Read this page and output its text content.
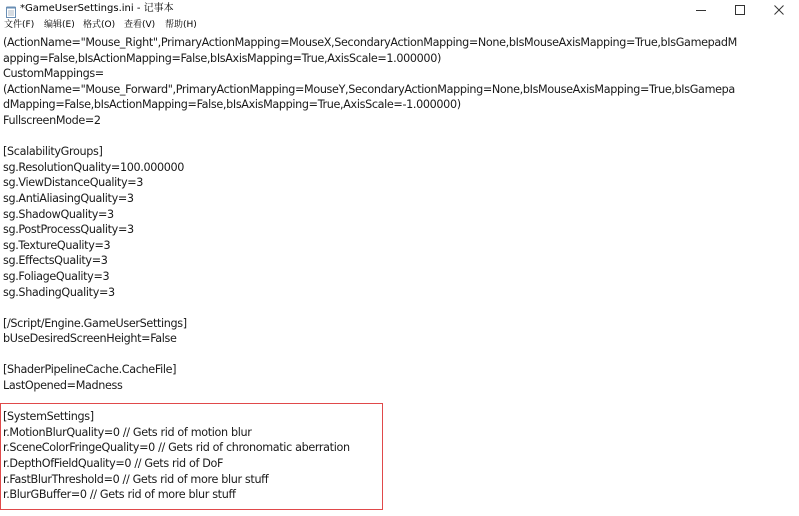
*GameUserSettings.ini - 记事本
文件(F) 编辑(E) 格式(O) 查看(V) 帮助(H)
(ActionName="Mouse_Right",PrimaryActionMapping=MouseX,SecondaryActionMapping=None,bIsMouseAxisMapping=True,bIsGamepadM
apping=False,bIsActionMapping=False,bIsAxisMapping=True,AxisScale=1.000000)
CustomMappings=
(ActionName="Mouse_Forward",PrimaryActionMapping=MouseY,SecondaryActionMapping=None,bIsMouseAxisMapping=True,bIsGamepa
dMapping=False,bIsActionMapping=False,bIsAxisMapping=True,AxisScale=-1.000000)
FullscreenMode=2

[ScalabilityGroups]
sg.ResolutionQuality=100.000000
sg.ViewDistanceQuality=3
sg.AntiAliasingQuality=3
sg.ShadowQuality=3
sg.PostProcessQuality=3
sg.TextureQuality=3
sg.EffectsQuality=3
sg.FoliageQuality=3
sg.ShadingQuality=3

[/Script/Engine.GameUserSettings]
bUseDesiredScreenHeight=False

[ShaderPipelineCache.CacheFile]
LastOpened=Madness

[SystemSettings]
r.MotionBlurQuality=0 // Gets rid of motion blur
r.SceneColorFringeQuality=0 // Gets rid of chronomatic aberration
r.DepthOfFieldQuality=0 // Gets rid of DoF
r.FastBlurThreshold=0 // Gets rid of more blur stuff
r.BlurGBuffer=0 // Gets rid of more blur stuff
